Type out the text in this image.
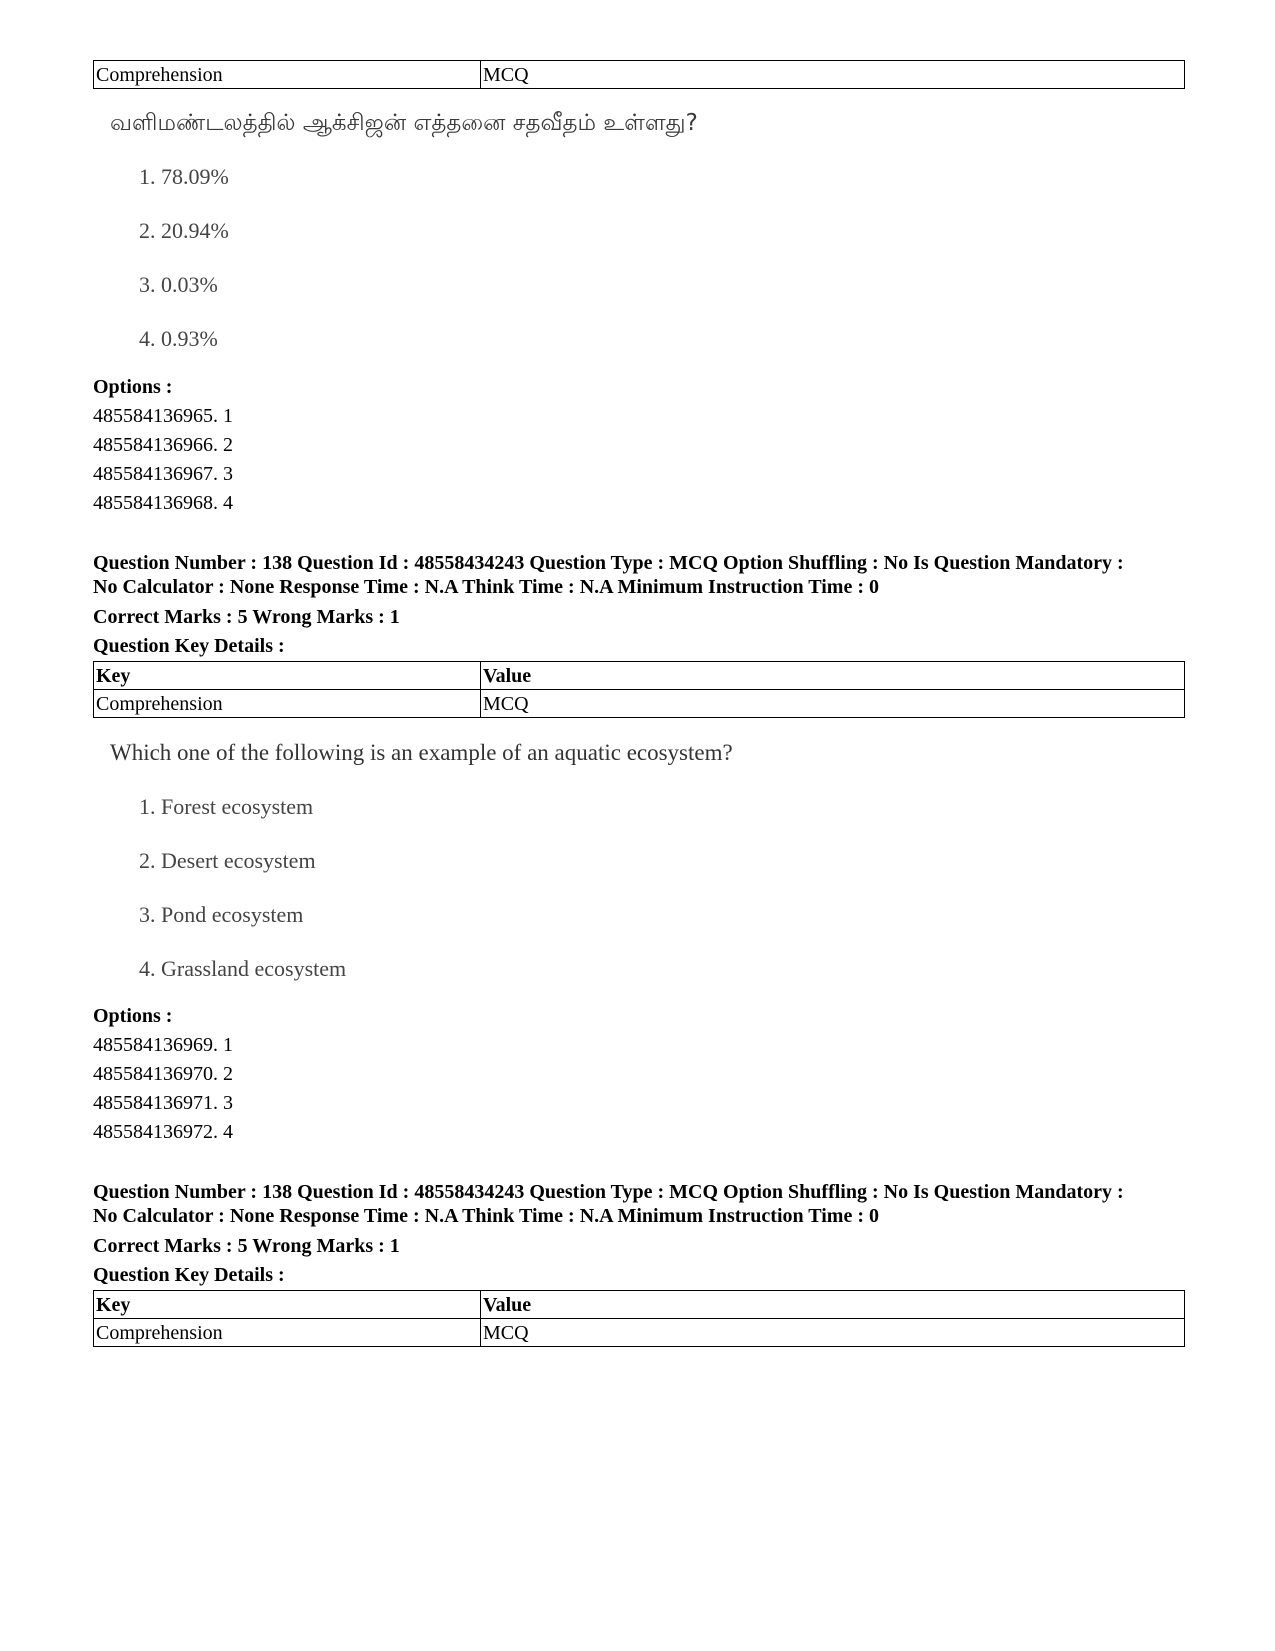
Comprehension	MCQ

வளிமண்டலத்தில் ஆக்சிஜன் எத்தனை சதவீதம் உள்ளது?

1. 78.09%
2. 20.94%
3. 0.03%
4. 0.93%
Options :
485584136965. 1
485584136966. 2
485584136967. 3
485584136968. 4
Question Number : 138 Question Id : 48558434243 Question Type : MCQ Option Shuffling : No Is Question Mandatory :
No Calculator : None Response Time : N.A Think Time : N.A Minimum Instruction Time : 0
Correct Marks : 5 Wrong Marks : 1
Question Key Details :
Key	Value
Comprehension	MCQ

Which one of the following is an example of an aquatic ecosystem?

1. Forest ecosystem
2. Desert ecosystem
3. Pond ecosystem
4. Grassland ecosystem
Options :
485584136969. 1
485584136970. 2
485584136971. 3
485584136972. 4
Question Number : 138 Question Id : 48558434243 Question Type : MCQ Option Shuffling : No Is Question Mandatory :
No Calculator : None Response Time : N.A Think Time : N.A Minimum Instruction Time : 0
Correct Marks : 5 Wrong Marks : 1
Question Key Details :
Key	Value
Comprehension	MCQ
